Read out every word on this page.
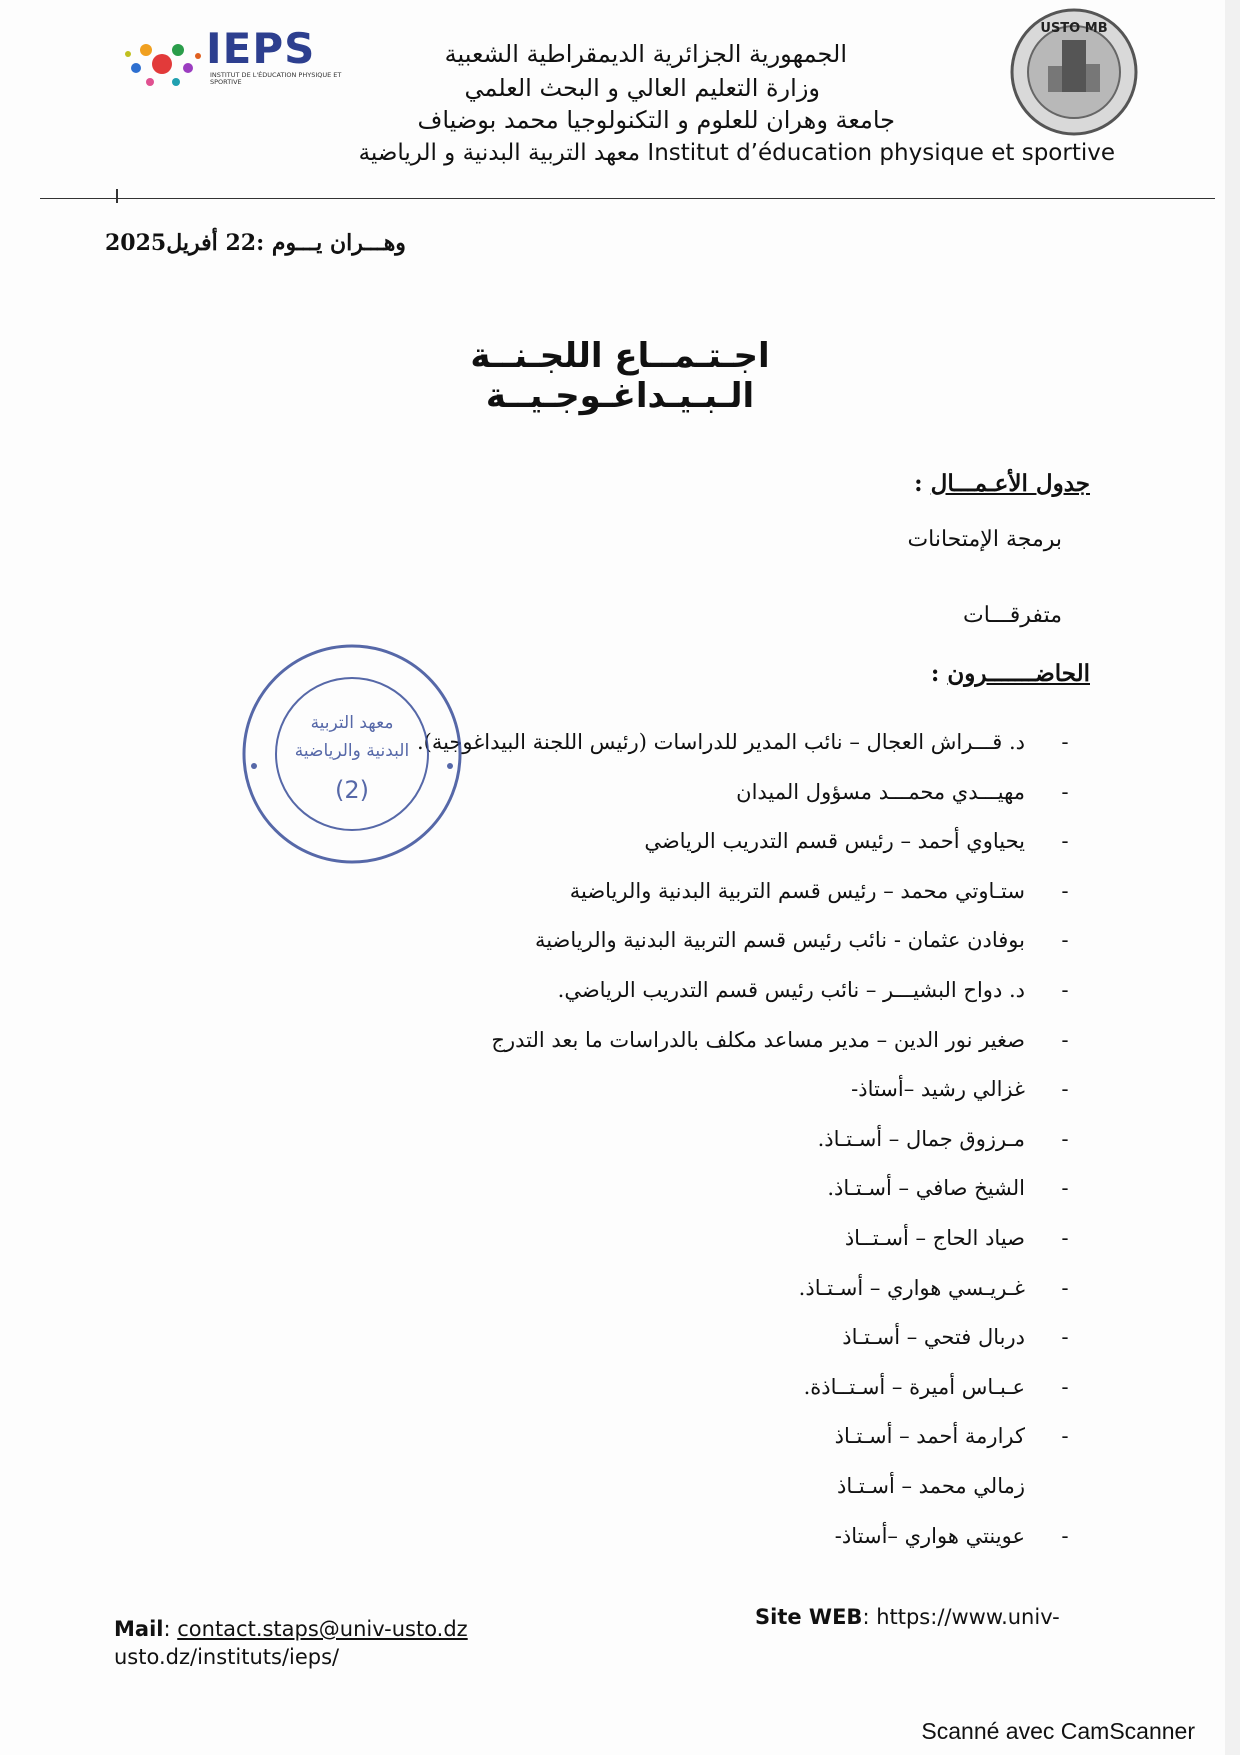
IEPS
INSTITUT DE L'ÉDUCATION PHYSIQUE ET SPORTIVE
USTO MB
الجمهورية الجزائرية الديمقراطية الشعبية
وزارة التعليم العالي و البحث العلمي
جامعة وهران للعلوم و التكنولوجيا محمد بوضياف
Institut d’éducation physique et sportive معهد التربية البدنية و الرياضية
وهـــران يـــوم :22 أفريل2025
اجـتـمــاع اللجـنــة الـبـيـداغـوجـيــة
جدول الأعـمـــال :
برمجة الإمتحانات
متفرقـــات
الحاضـــــــرون :
-
د. قـــراش العجال – نائب المدير للدراسات (رئيس اللجنة البيداغوجية).
-
مهيـــدي محمـــد مسؤول الميدان
-
يحياوي أحمد – رئيس قسم التدريب الرياضي
-
ستـاوتي محمد – رئيس قسم التربية البدنية والرياضية
-
بوفادن عثمان - نائب رئيس قسم التربية البدنية والرياضية
-
د. دواح البشيـــر – نائب رئيس قسم التدريب الرياضي.
-
صغير نور الدين – مدير مساعد مكلف بالدراسات ما بعد التدرج
-
غزالي رشيد –أستاذ-
-
مـرزوق جمال – أسـتـاذ.
-
الشيخ صافي – أسـتـاذ.
-
صياد الحاج – أسـتــاذ
-
غـريـسي هواري – أسـتـاذ.
-
دربال فتحي – أسـتـاذ
-
عـبـاس أميرة – أسـتــاذة.
-
كرارمة أحمد – أسـتـاذ
زمالي محمد – أسـتـاذ
-
عوينتي هواري –أستاذ-
معهد التربية
البدنية والرياضية
(2)
Mail: contact.staps@univ-usto.dz
usto.dz/instituts/ieps/
Site WEB: https://www.univ-
Scanné avec CamScanner
